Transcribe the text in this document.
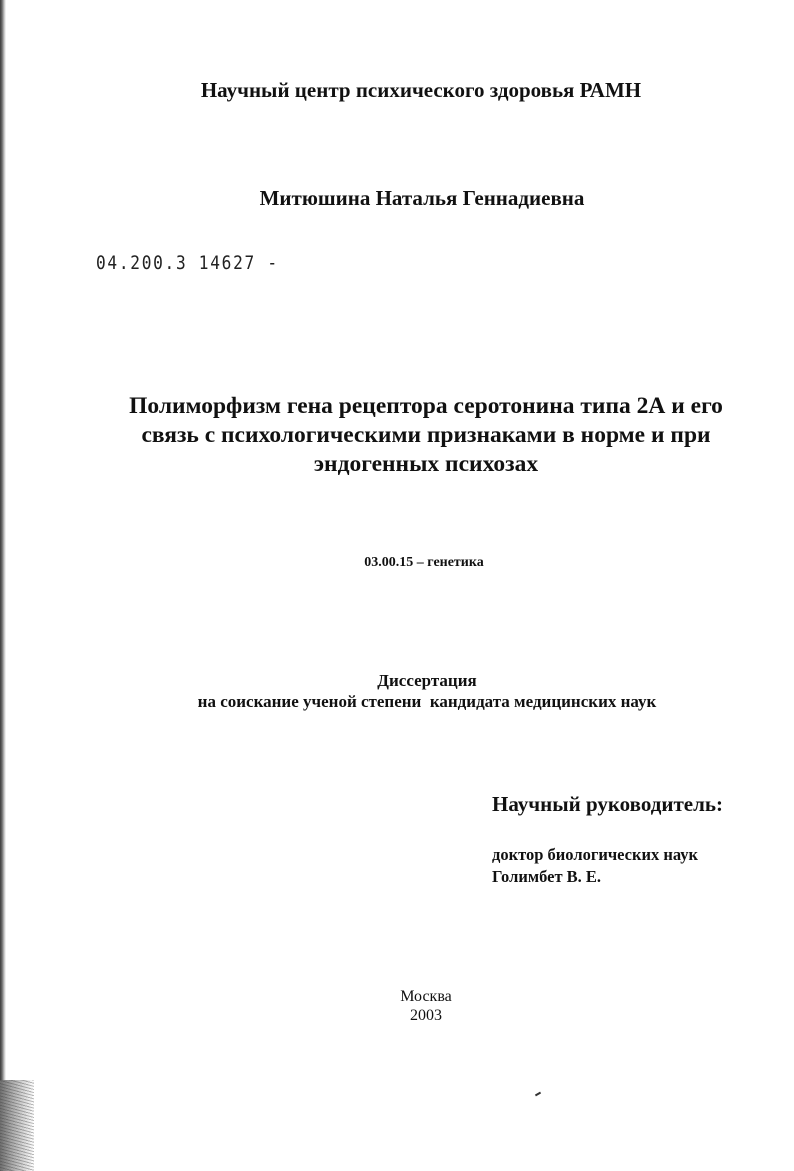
Научный центр психического здоровья РАМН
Митюшина Наталья Геннадиевна
04.200.3 14627 -
Полиморфизм гена рецептора серотонина типа 2А и его
связь с психологическими признаками в норме и при
эндогенных психозах
03.00.15 – генетика
Диссертация
на соискание ученой степени  кандидата медицинских наук
Научный руководитель:
доктор биологических наук
Голимбет В. Е.
Москва
2003
